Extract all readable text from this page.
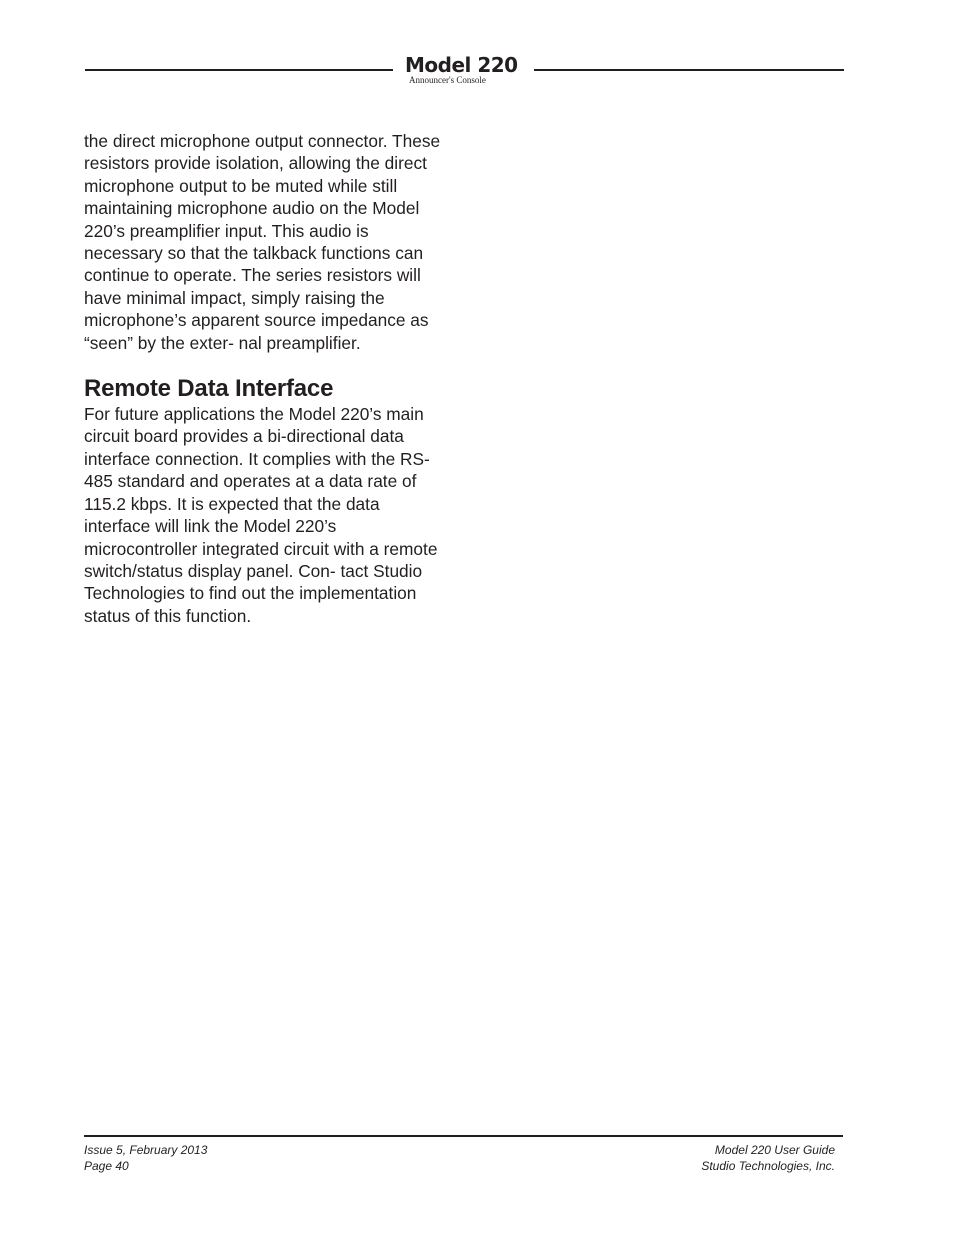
Model 220
Announcer's Console

the direct microphone output connector. These resistors provide isolation, allowing the direct microphone output to be muted while still maintaining microphone audio on the Model 220’s preamplifier input. This audio is necessary so that the talkback functions can continue to operate. The series resistors will have minimal impact, simply raising the microphone’s apparent source impedance as “seen” by the exter- nal preamplifier.

Remote Data Interface

For future applications the Model 220’s main circuit board provides a bi-directional data interface connection. It complies with the RS-485 standard and operates at a data rate of 115.2 kbps. It is expected that the data interface will link the Model 220’s microcontroller integrated circuit with a remote switch/status display panel. Con- tact Studio Technologies to find out the implementation status of this function.

Issue 5, February 2013
Page 40
Model 220 User Guide
Studio Technologies, Inc.
